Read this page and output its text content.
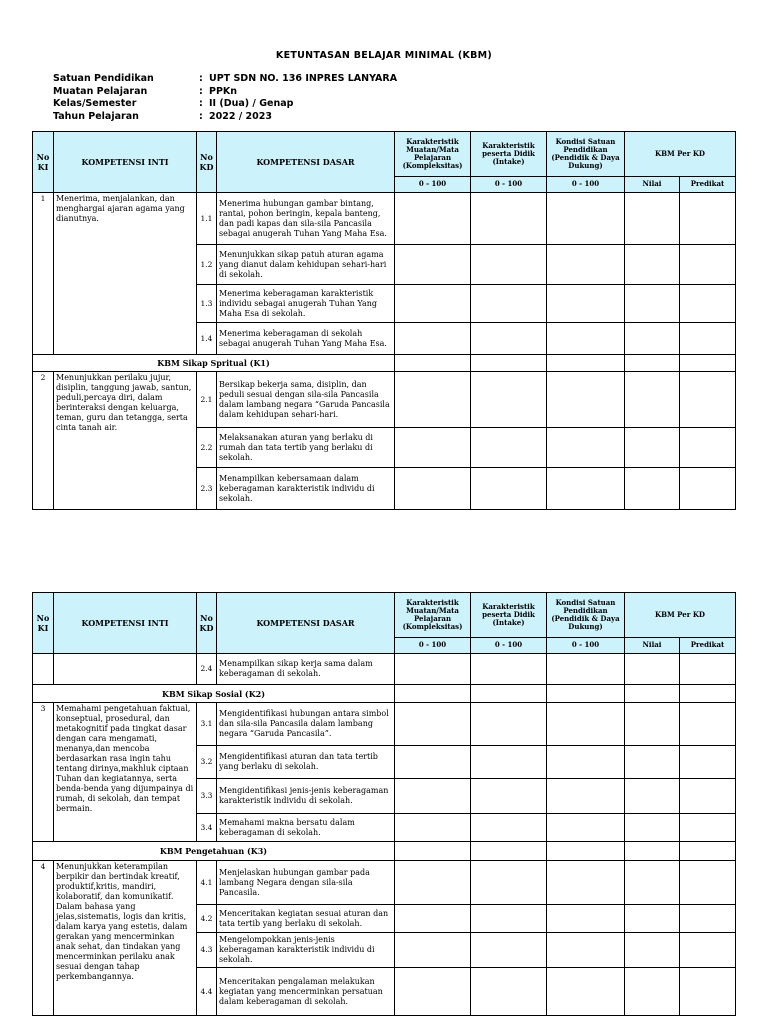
KETUNTASAN BELAJAR MINIMAL (KBM)
Satuan Pendidikan	: UPT SDN NO. 136 INPRES LANYARA
Muatan Pelajaran	: PPKn
Kelas/Semester	: II (Dua) / Genap
Tahun Pelajaran	: 2022 / 2023
No KI	KOMPETENSI INTI	No KD	KOMPETENSI DASAR	Karakteristik Muatan/Mata Pelajaran (Kompleksitas)	Karakteristik peserta Didik (Intake)	Kondisi Satuan Pendidikan (Pendidik & Daya Dukung)	KBM Per KD	
				0 - 100	0 - 100	0 - 100	Nilai	Predikat
1	Menerima, menjalankan, dan menghargai ajaran agama yang dianutnya.	1.1	Menerima hubungan gambar bintang, rantai, pohon beringin, kepala banteng, dan padi kapas dan sila-sila Pancasila sebagai anugerah Tuhan Yang Maha Esa.					
		1.2	Menunjukkan sikap patuh aturan agama yang dianut dalam kehidupan sehari-hari di sekolah.					
		1.3	Menerima keberagaman karakteristik individu sebagai anugerah Tuhan Yang Maha Esa di sekolah.					
		1.4	Menerima keberagaman di sekolah sebagai anugerah Tuhan Yang Maha Esa.					
KBM Sikap Spritual (K1)								
2	Menunjukkan perilaku jujur, disiplin, tanggung jawab, santun, peduli,percaya diri, dalam berinteraksi dengan keluarga, teman, guru dan tetangga, serta cinta tanah air.	2.1	Bersikap bekerja sama, disiplin, dan peduli sesuai dengan sila-sila Pancasila dalam lambang negara “Garuda Pancasila dalam kehidupan sehari-hari.					
		2.2	Melaksanakan aturan yang berlaku di rumah dan tata tertib yang berlaku di sekolah.					
		2.3	Menampilkan kebersamaan dalam keberagaman karakteristik individu di sekolah.					
No KI	KOMPETENSI INTI	No KD	KOMPETENSI DASAR	Karakteristik Muatan/Mata Pelajaran (Kompleksitas)	Karakteristik peserta Didik (Intake)	Kondisi Satuan Pendidikan (Pendidik & Daya Dukung)	KBM Per KD	
				0 - 100	0 - 100	0 - 100	Nilai	Predikat
		2.4	Menampilkan sikap kerja sama dalam keberagaman di sekolah.					
KBM Sikap Sosial (K2)								
3	Memahami pengetahuan faktual, konseptual, prosedural, dan metakognitif pada tingkat dasar dengan cara mengamati, menanya,dan mencoba berdasarkan rasa ingin tahu tentang dirinya,makhluk ciptaan Tuhan dan kegiatannya, serta benda-benda yang dijumpainya di rumah, di sekolah, dan tempat bermain.	3.1	Mengidentifikasi hubungan antara simbol dan sila-sila Pancasila dalam lambang negara “Garuda Pancasila”.					
		3.2	Mengidentifikasi aturan dan tata tertib yang berlaku di sekolah.					
		3.3	Mengidentifikasi jenis-jenis keberagaman karakteristik individu di sekolah.					
		3.4	Memahami makna bersatu dalam keberagaman di sekolah.					
KBM Pengetahuan (K3)								
4	Menunjukkan keterampilan berpikir dan bertindak kreatif, produktif,kritis, mandiri, kolaboratif, dan komunikatif. Dalam bahasa yang jelas,sistematis, logis dan kritis, dalam karya yang estetis, dalam gerakan yang mencerminkan anak sehat, dan tindakan yang mencerminkan perilaku anak sesuai dengan tahap perkembangannya.	4.1	Menjelaskan hubungan gambar pada lambang Negara dengan sila-sila Pancasila.					
		4.2	Menceritakan kegiatan sesuai aturan dan tata tertib yang berlaku di sekolah.					
		4.3	Mengelompokkan jenis-jenis keberagaman karakteristik individu di sekolah.					
		4.4	Menceritakan pengalaman melakukan kegiatan yang mencerminkan persatuan dalam keberagaman di sekolah.					
